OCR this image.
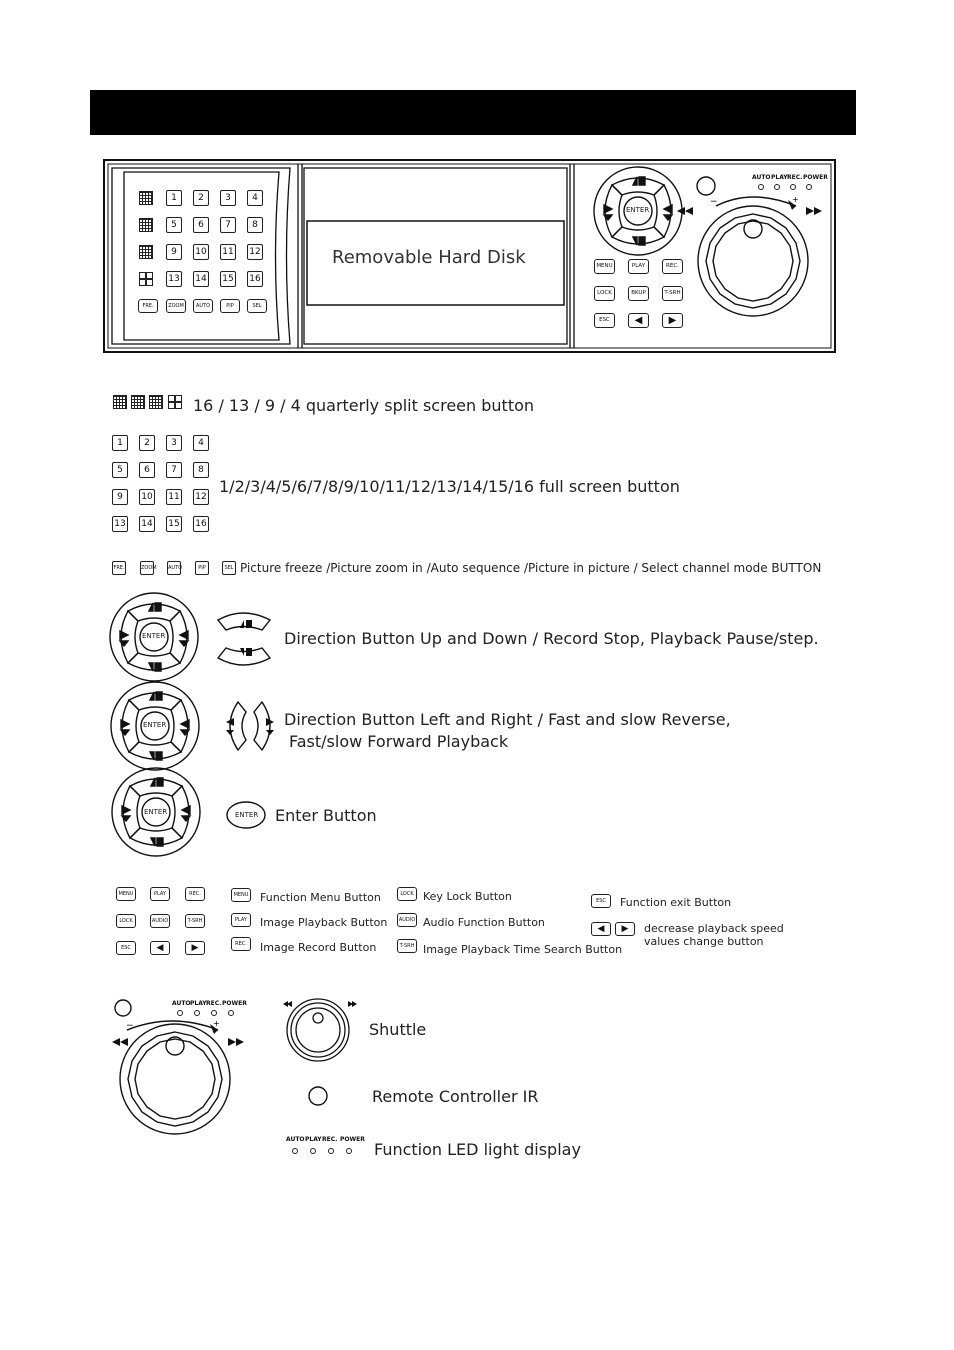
−	+
1	2	3	4
5	6	7	8
9	10 11 12
13 14 15 16
FRE.	ZOOM	AUTO	PIP	SEL
Removable Hard Disk
ENTER
AUTO PLAY REC. POWER
MENU	PLAY	REC.
LOCK	BKUP	T-SRH
ESC	◀	▶
16 / 13 / 9 / 4 quarterly split screen button
1	2	3	4
5	6	7	8
9	10 11 12
13 14 15 16
1/2/3/4/5/6/7/8/9/10/11/12/13/14/15/16 full screen button
FRE.	ZOOM AUTO	PIP	SEL Picture freeze /Picture zoom in /Auto sequence /Picture in picture / Select channel mode BUTTON
ENTER
ENTER
ENTER	ENTER
Direction Button Up and Down / Record Stop, Playback Pause/step.
Direction Button Left and Right / Fast and slow Reverse,
Fast/slow Forward Playback
Enter Button
MENU	PLAY	REC.
LOCK	AUDIO	T-SRH
ESC	◀	▶
MENU Function Menu Button
PLAY	Image Playback Button
REC.	Image Record Button
LOCK Key Lock Button
AUDIO Audio Function Button
T-SRH Image Playback Time Search Button
ESC	Function exit Button
◀	▶	decrease playback speed
values change button
−	+
AUTO PLAY REC. POWER
Shuttle
Remote Controller IR
AUTO PLAY REC. POWER
Function LED light display
